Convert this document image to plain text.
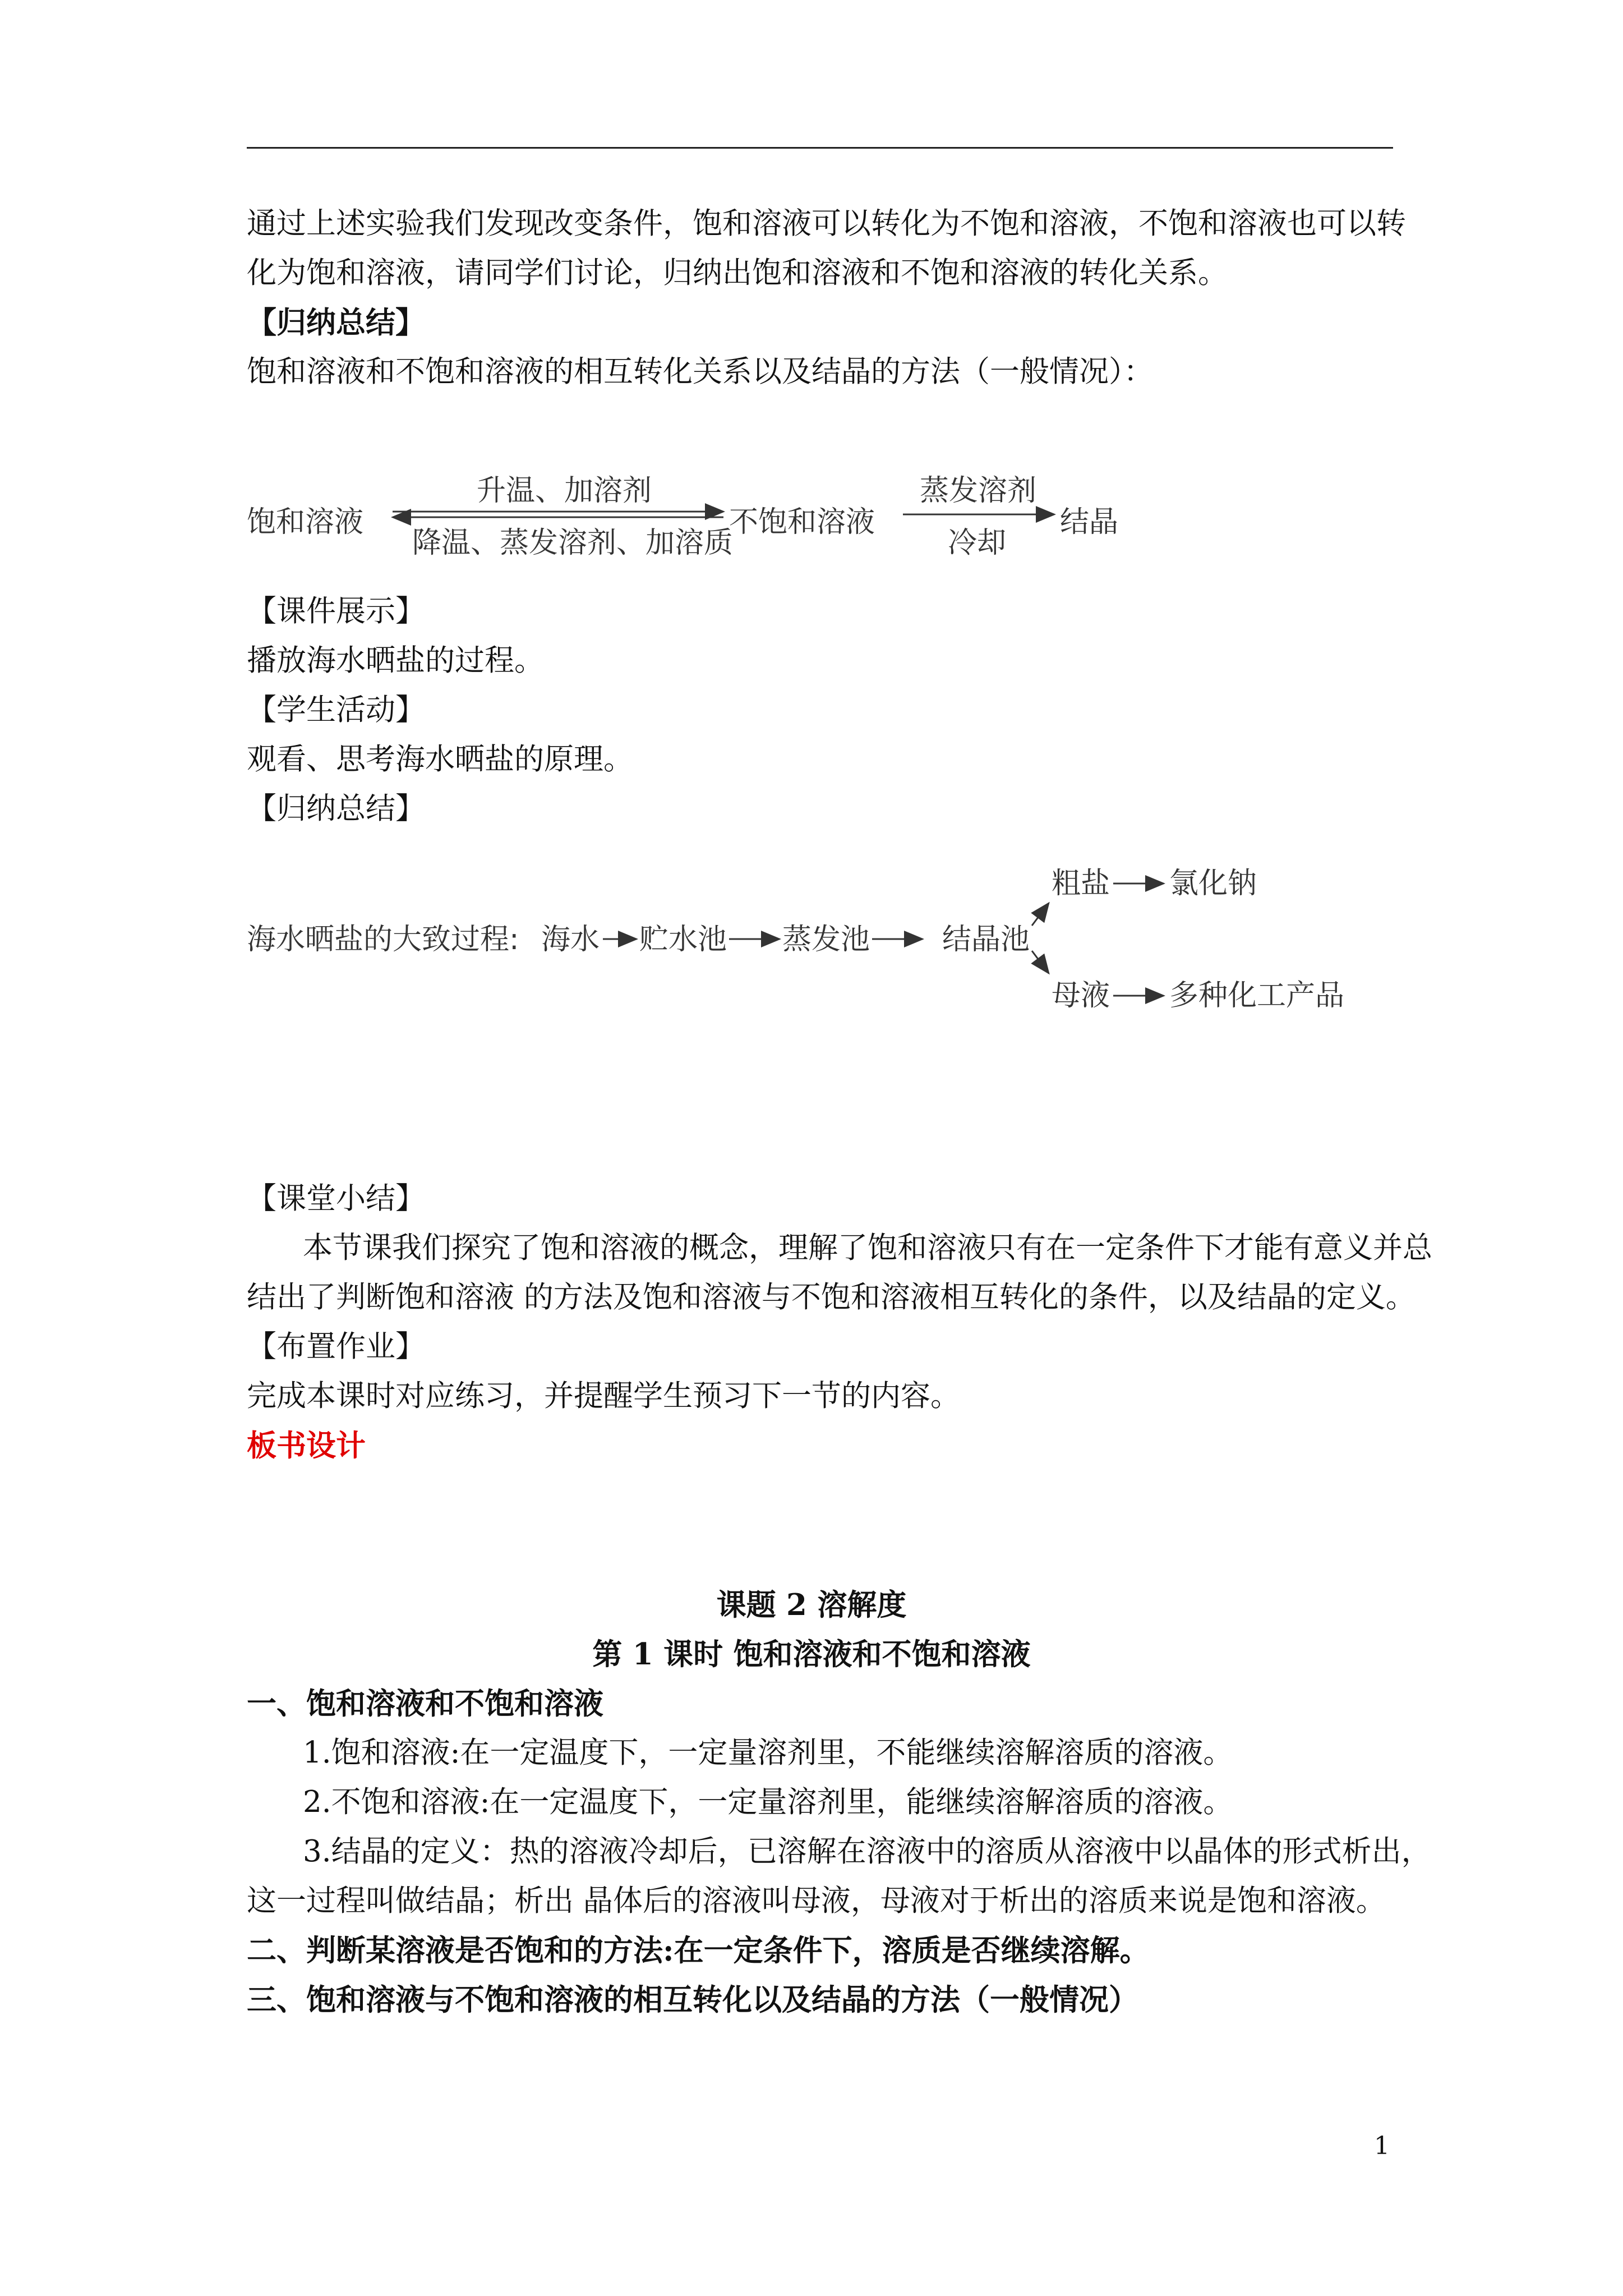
通过上述实验我们发现改变条件，饱和溶液可以转化为不饱和溶液，不饱和溶液也可以转
化为饱和溶液，请同学们讨论，归纳出饱和溶液和不饱和溶液的转化关系。
【归纳总结】
饱和溶液和不饱和溶液的相互转化关系以及结晶的方法（一般情况）：
饱和溶液
升温、加溶剂
降温、蒸发溶剂、加溶质
不饱和溶液
蒸发溶剂
冷却
结晶
海水晒盐的大致过程: 海水 贮水池 蒸发池 结晶池
粗盐 氯化钠
母液 多种化工产品
【课件展示】
播放海水晒盐的过程。
【学生活动】
观看、思考海水晒盐的原理。
【归纳总结】
【课堂小结】
本节课我们探究了饱和溶液的概念，理解了饱和溶液只有在一定条件下才能有意义并总
结出了判断饱和溶液 的方法及饱和溶液与不饱和溶液相互转化的条件，以及结晶的定义。
【布置作业】
完成本课时对应练习，并提醒学生预习下一节的内容。
板书设计
课题 2 溶解度
第 1 课时 饱和溶液和不饱和溶液
一、饱和溶液和不饱和溶液
1.饱和溶液:在一定温度下，一定量溶剂里，不能继续溶解溶质的溶液。
2.不饱和溶液:在一定温度下，一定量溶剂里，能继续溶解溶质的溶液。
3.结晶的定义：热的溶液冷却后，已溶解在溶液中的溶质从溶液中以晶体的形式析出，
这一过程叫做结晶；析出 晶体后的溶液叫母液，母液对于析出的溶质来说是饱和溶液。
二、判断某溶液是否饱和的方法:在一定条件下，溶质是否继续溶解。
三、饱和溶液与不饱和溶液的相互转化以及结晶的方法（一般情况）
1
